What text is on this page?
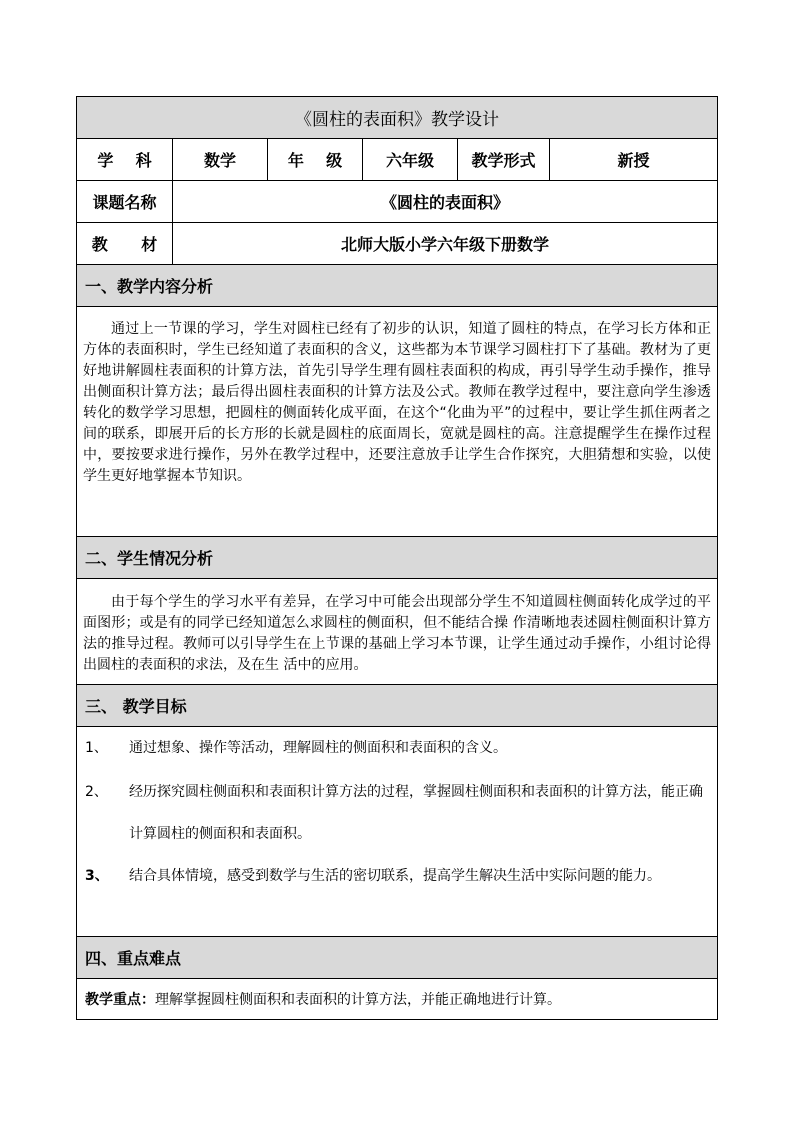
《圆柱的表面积》教学设计
学    科	数学	年    级	六年级	教学形式	新授
课题名称	《圆柱的表面积》
教      材	北师大版小学六年级下册数学
一、教学内容分析
通过上一节课的学习，学生对圆柱已经有了初步的认识，知道了圆柱的特点，在学习长方体和正方体的表面积时，学生已经知道了表面积的含义，这些都为本节课学习圆柱打下了基础。教材为了更好地讲解圆柱表面积的计算方法，首先引导学生理有圆柱表面积的构成，再引导学生动手操作，推导出侧面积计算方法；最后得出圆柱表面积的计算方法及公式。教师在教学过程中，要注意向学生渗透转化的数学学习思想，把圆柱的侧面转化成平面，在这个“化曲为平”的过程中，要让学生抓住两者之间的联系，即展开后的长方形的长就是圆柱的底面周长，宽就是圆柱的高。注意提醒学生在操作过程中，要按要求进行操作，另外在教学过程中，还要注意放手让学生合作探究，大胆猜想和实验，以使学生更好地掌握本节知识。
二、学生情况分析
由于每个学生的学习水平有差异，在学习中可能会出现部分学生不知道圆柱侧面转化成学过的平面图形；或是有的同学已经知道怎么求圆柱的侧面积，但不能结合操 作清晰地表述圆柱侧面积计算方法的推导过程。教师可以引导学生在上节课的基础上学习本节课，让学生通过动手操作，小组讨论得出圆柱的表面积的求法，及在生 活中的应用。
三、 教学目标
1、	通过想象、操作等活动，理解圆柱的侧面积和表面积的含义。
2、	经历探究圆柱侧面积和表面积计算方法的过程，掌握圆柱侧面积和表面积的计算方法，能正确计算圆柱的侧面积和表面积。
3、	结合具体情境，感受到数学与生活的密切联系，提高学生解决生活中实际问题的能力。
四、重点难点
教学重点： 理解掌握圆柱侧面积和表面积的计算方法，并能正确地进行计算。
